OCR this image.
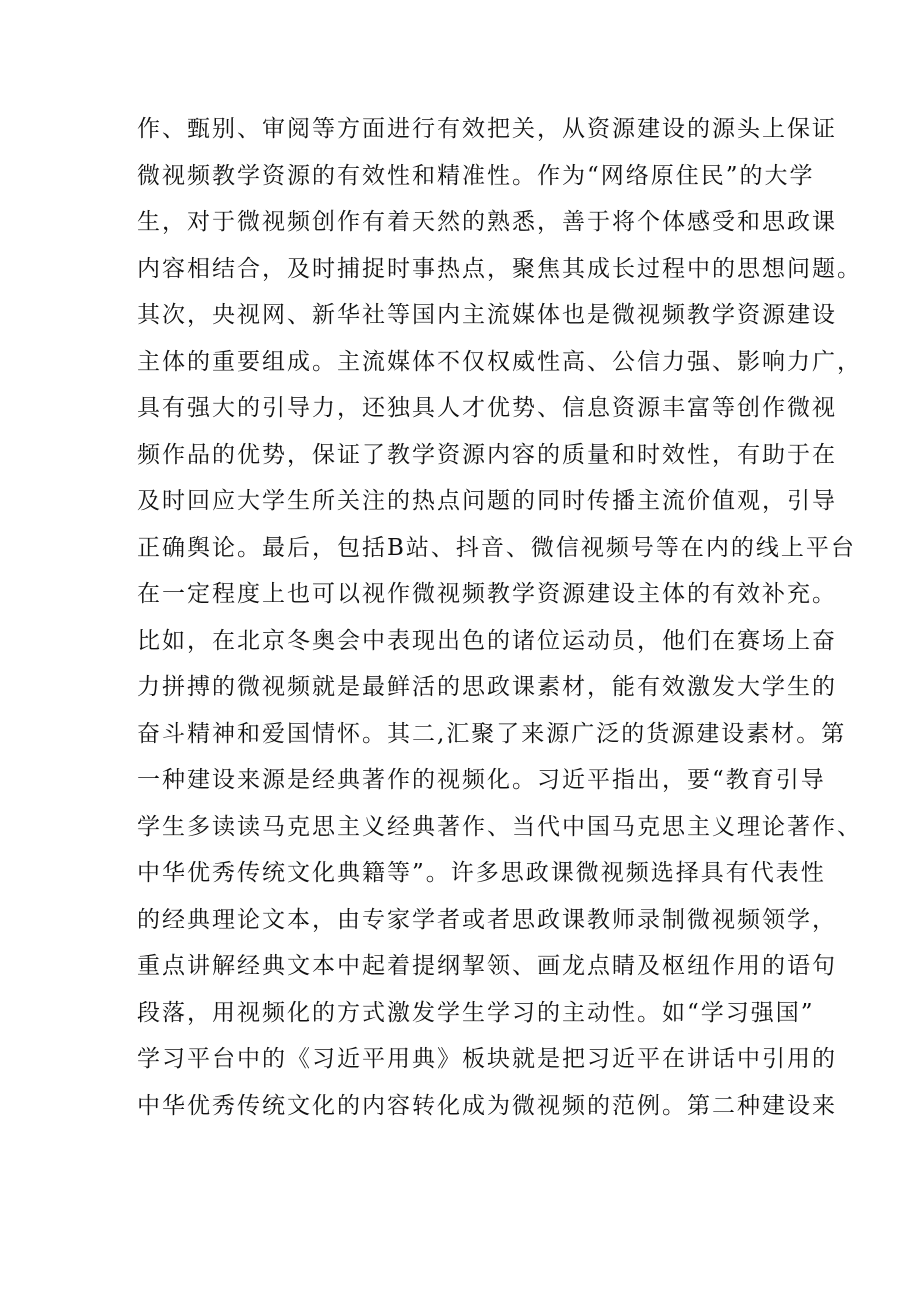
作、甄别、审阅等方面进行有效把关，从资源建设的源头上保证
微视频教学资源的有效性和精准性。作为“网络原住民”的大学
生，对于微视频创作有着天然的熟悉，善于将个体感受和思政课
内容相结合，及时捕捉时事热点，聚焦其成长过程中的思想问题。
其次，央视网、新华社等国内主流媒体也是微视频教学资源建设
主体的重要组成。主流媒体不仅权威性高、公信力强、影响力广，
具有强大的引导力，还独具人才优势、信息资源丰富等创作微视
频作品的优势，保证了教学资源内容的质量和时效性，有助于在
及时回应大学生所关注的热点问题的同时传播主流价值观，引导
正确舆论。最后，包括B站、抖音、微信视频号等在内的线上平台
在一定程度上也可以视作微视频教学资源建设主体的有效补充。
比如，在北京冬奥会中表现出色的诸位运动员，他们在赛场上奋
力拼搏的微视频就是最鲜活的思政课素材，能有效激发大学生的
奋斗精神和爱国情怀。其二,汇聚了来源广泛的货源建设素材。第
一种建设来源是经典著作的视频化。习近平指出，要“教育引导
学生多读读马克思主义经典著作、当代中国马克思主义理论著作、
中华优秀传统文化典籍等”。许多思政课微视频选择具有代表性
的经典理论文本，由专家学者或者思政课教师录制微视频领学，
重点讲解经典文本中起着提纲挈领、画龙点睛及枢纽作用的语句
段落，用视频化的方式激发学生学习的主动性。如“学习强国”
学习平台中的《习近平用典》板块就是把习近平在讲话中引用的
中华优秀传统文化的内容转化成为微视频的范例。第二种建设来
